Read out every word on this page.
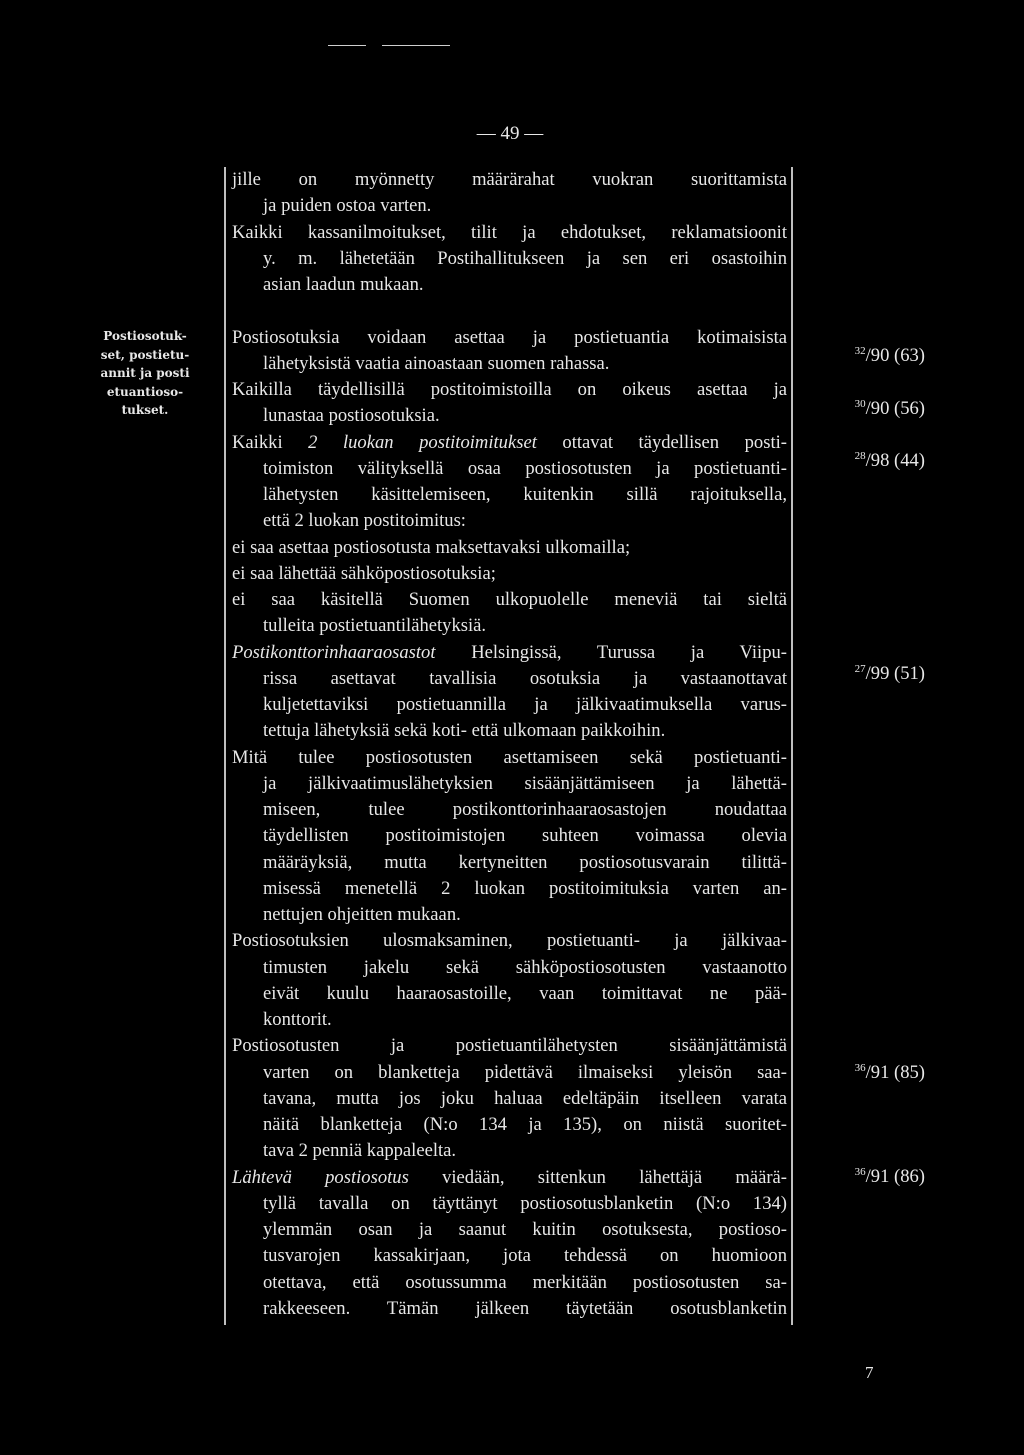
— 49 —
Postiosotuk-
set, postietu-
annit ja posti
etuantioso-
tukset.
jille on myönnetty määrärahat vuokran suorittamista
ja puiden ostoa varten.
Kaikki kassanilmoitukset, tilit ja ehdotukset, reklamatsioonit
y. m. lähetetään Postihallitukseen ja sen eri osastoihin
asian laadun mukaan.
Postiosotuksia voidaan asettaa ja postietuantia kotimaisista
lähetyksistä vaatia ainoastaan suomen rahassa.
Kaikilla täydellisillä postitoimistoilla on oikeus asettaa ja
lunastaa postiosotuksia.
Kaikki 2 luokan postitoimitukset ottavat täydellisen posti-
toimiston välityksellä osaa postiosotusten ja postietuanti-
lähetysten käsittelemiseen, kuitenkin sillä rajoituksella,
että 2 luokan postitoimitus:
ei saa asettaa postiosotusta maksettavaksi ulkomailla;
ei saa lähettää sähköpostiosotuksia;
ei saa käsitellä Suomen ulkopuolelle meneviä tai sieltä
tulleita postietuantilähetyksiä.
Postikonttorinhaaraosastot Helsingissä, Turussa ja Viipu-
rissa asettavat tavallisia osotuksia ja vastaanottavat
kuljetettaviksi postietuannilla ja jälkivaatimuksella varus-
tettuja lähetyksiä sekä koti- että ulkomaan paikkoihin.
Mitä tulee postiosotusten asettamiseen sekä postietuanti-
ja jälkivaatimuslähetyksien sisäänjättämiseen ja lähettä-
miseen, tulee postikonttorinhaaraosastojen noudattaa
täydellisten postitoimistojen suhteen voimassa olevia
määräyksiä, mutta kertyneitten postiosotusvarain tilittä-
misessä menetellä 2 luokan postitoimituksia varten an-
nettujen ohjeitten mukaan.
Postiosotuksien ulosmaksaminen, postietuanti- ja jälkivaa-
timusten jakelu sekä sähköpostiosotusten vastaanotto
eivät kuulu haaraosastoille, vaan toimittavat ne pää-
konttorit.
Postiosotusten ja postietuantilähetysten sisäänjättämistä
varten on blanketteja pidettävä ilmaiseksi yleisön saa-
tavana, mutta jos joku haluaa edeltäpäin itselleen varata
näitä blanketteja (N:o 134 ja 135), on niistä suoritet-
tava 2 penniä kappaleelta.
Lähtevä postiosotus viedään, sittenkun lähettäjä määrä-
tyllä tavalla on täyttänyt postiosotusblanketin (N:o 134)
ylemmän osan ja saanut kuitin osotuksesta, postioso-
tusvarojen kassakirjaan, jota tehdessä on huomioon
otettava, että osotussumma merkitään postiosotusten sa-
rakkeeseen. Tämän jälkeen täytetään osotusblanketin
$^{32}$/90 (63)
$^{30}$/90 (56)
$^{28}$/98 (44)
$^{27}$/99 (51)
$^{36}$/91 (85)
$^{36}$/91 (86)
7
